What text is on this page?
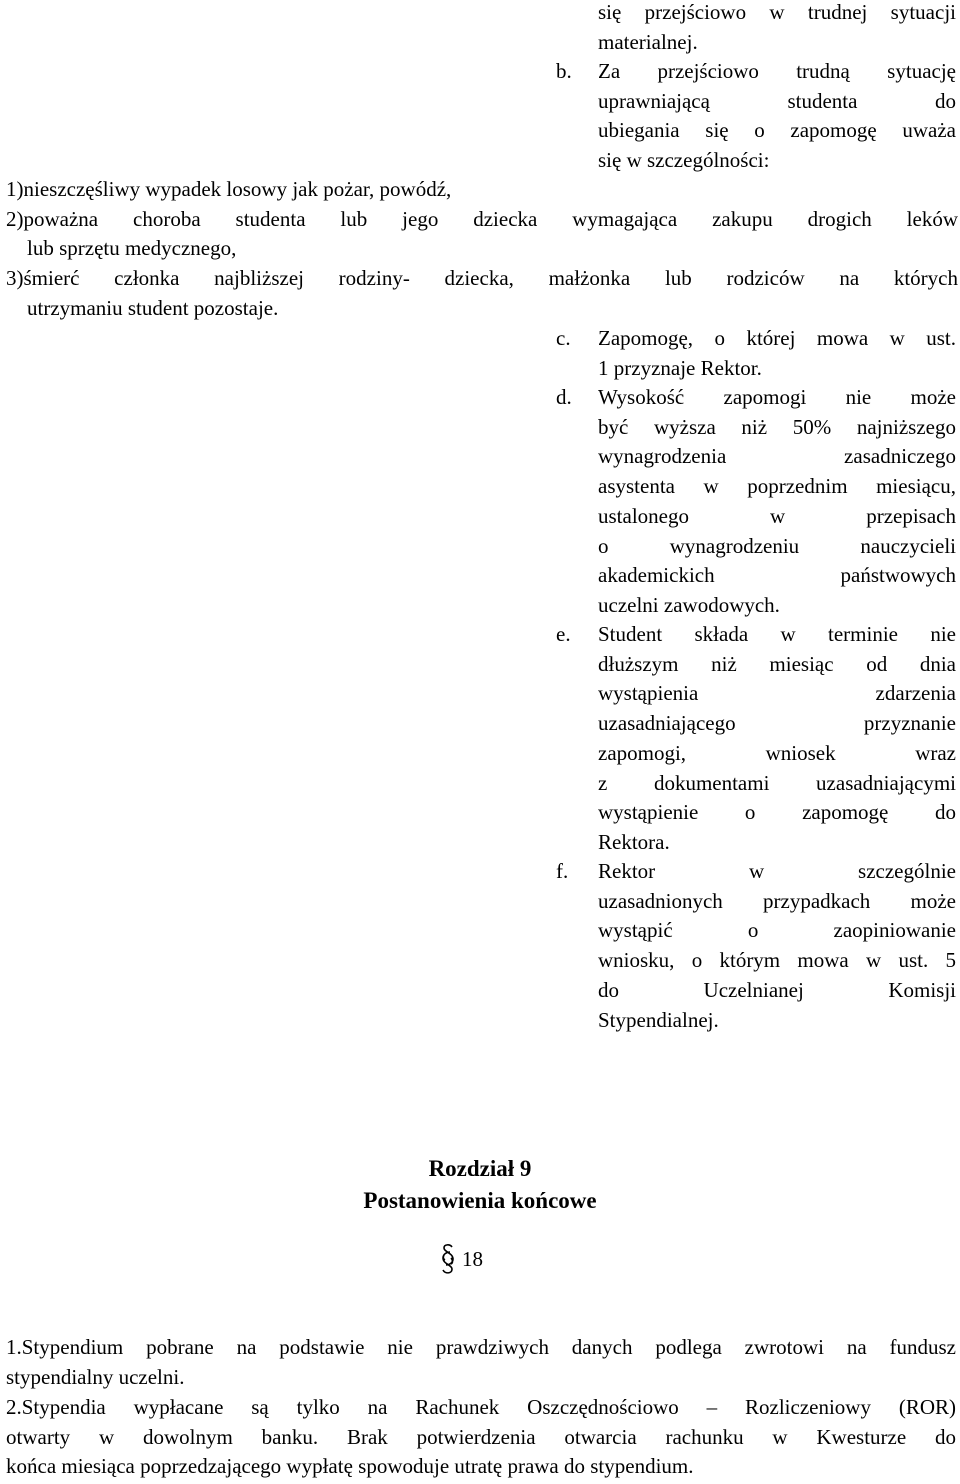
się przejściowo w trudnej sytuacji
materialnej.
b.	Za przejściowo trudną sytuację
uprawniającą studenta do
ubiegania się o zapomogę uważa
się w szczególności:
1)nieszczęśliwy wypadek losowy jak pożar, powódź,
2)poważna choroba studenta lub jego dziecka wymagająca zakupu drogich leków
lub sprzętu medycznego,
3)śmierć członka najbliższej rodziny- dziecka, małżonka lub rodziców na których
utrzymaniu student pozostaje.
c.	Zapomogę, o której mowa w ust.
1 przyznaje Rektor.
d.	Wysokość zapomogi nie może
być wyższa niż 50% najniższego
wynagrodzenia zasadniczego
asystenta w poprzednim miesiącu,
ustalonego w przepisach
o wynagrodzeniu nauczycieli
akademickich państwowych
uczelni zawodowych.
e.	Student składa w terminie nie
dłuższym niż miesiąc od dnia
wystąpienia zdarzenia
uzasadniającego przyznanie
zapomogi, wniosek wraz
z dokumentami uzasadniającymi
wystąpienie o zapomogę do
Rektora.
f.	Rektor w szczególnie
uzasadnionych przypadkach może
wystąpić o zaopiniowanie
wniosku, o którym mowa w ust. 5
do Uczelnianej Komisji
Stypendialnej.
Rozdział 9
Postanowienia końcowe
18
1.Stypendium pobrane na podstawie nie prawdziwych danych podlega zwrotowi na fundusz
stypendialny uczelni.
2.Stypendia wypłacane są tylko na Rachunek Oszczędnościowo – Rozliczeniowy (ROR)
otwarty w dowolnym banku. Brak potwierdzenia otwarcia rachunku w Kwesturze do
końca miesiąca poprzedzającego wypłatę spowoduje utratę prawa do stypendium.
